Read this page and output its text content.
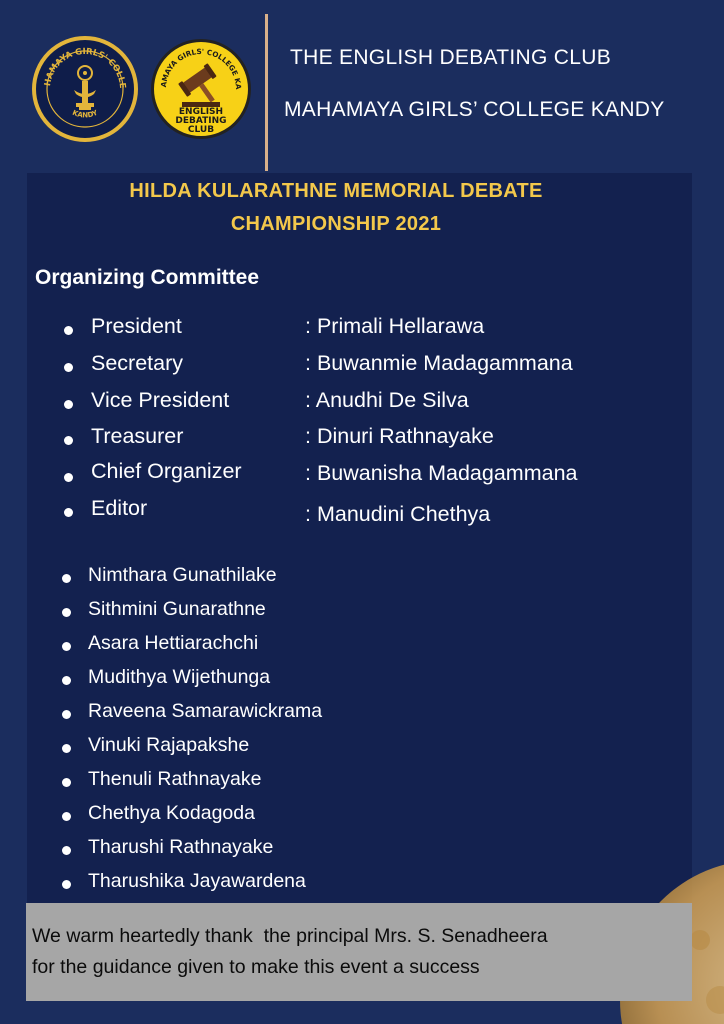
HAMAYA GIRLS' COLLE
KANDY
AMAYA GIRLS' COLLEGE KA
ENGLISH
DEBATING
CLUB
THE ENGLISH DEBATING CLUB
MAHAMAYA GIRLS’ COLLEGE KANDY
HILDA KULARATHNE MEMORIAL DEBATE
CHAMPIONSHIP 2021
Organizing Committee
President	: Primali Hellarawa
Secretary	: Buwanmie Madagammana
Vice President	: Anudhi De Silva
Treasurer	: Dinuri Rathnayake
Chief Organizer	: Buwanisha Madagammana
Editor	: Manudini Chethya
Nimthara Gunathilake
Sithmini Gunarathne
Asara Hettiarachchi
Mudithya Wijethunga
Raveena Samarawickrama
Vinuki Rajapakshe
Thenuli Rathnayake
Chethya Kodagoda
Tharushi Rathnayake
Tharushika Jayawardena
We warm heartedly thank  the principal Mrs. S. Senadheera
for the guidance given to make this event a success
